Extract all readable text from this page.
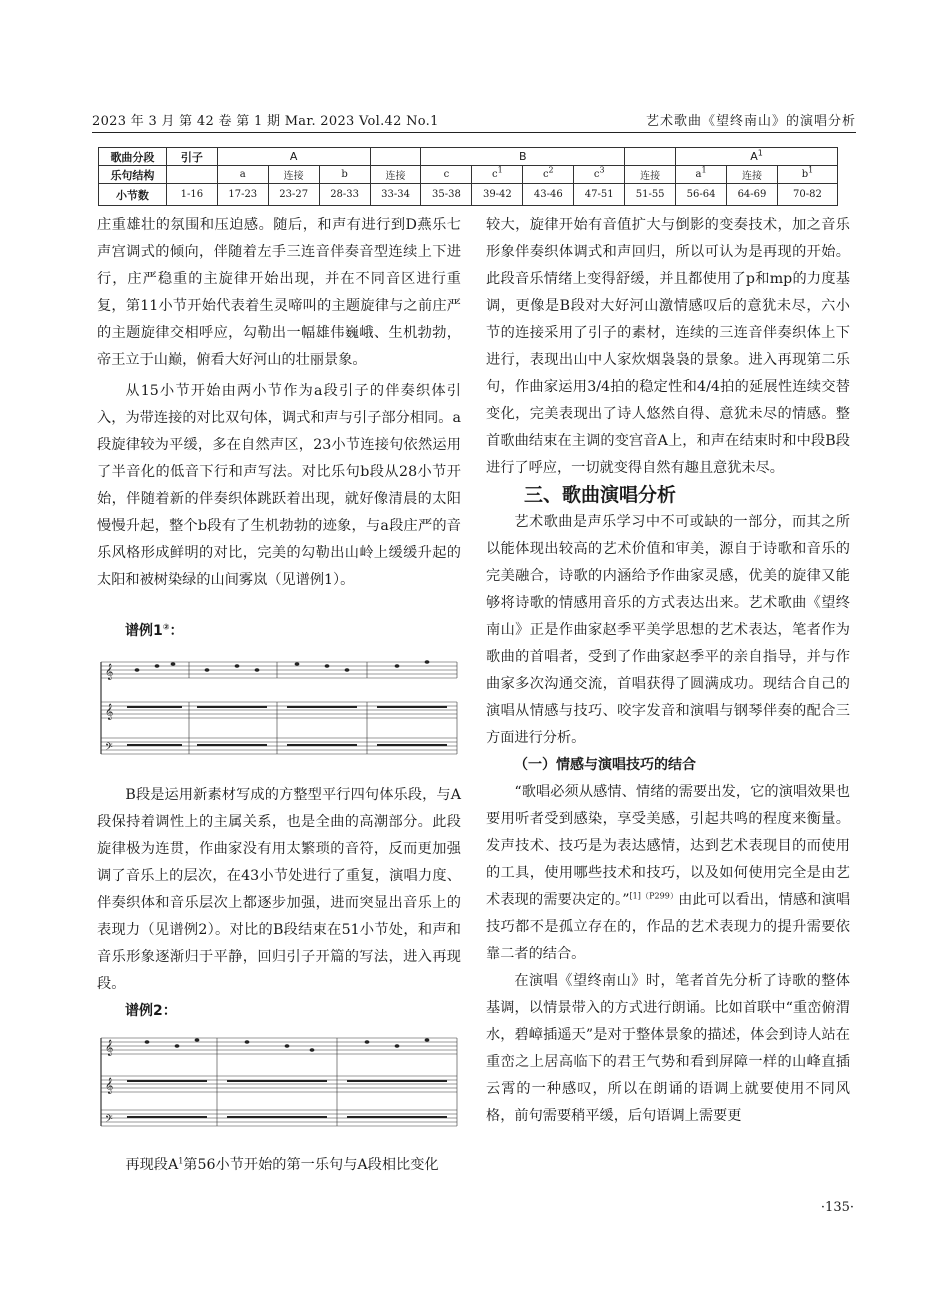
2023 年 3 月 第 42 卷 第 1 期 Mar. 2023 Vol.42 No.1	艺术歌曲《望终南山》的演唱分析
歌曲分段	引子	A				B					$A^1$
乐句结构		a	连接	b	连接	c	$c^1$	$c^2$	$c^3$	连接	$a^1$	连接	$b^1$
小节数	1-16	17-23	23-27	28-33	33-34	35-38	39-42	43-46	47-51	51-55	56-64	64-69	70-82

庄重雄壮的氛围和压迫感。随后，和声有进行到D燕乐七声宫调式的倾向，伴随着左手三连音伴奏音型连续上下进行，庄严稳重的主旋律开始出现，并在不同音区进行重复，第11小节开始代表着生灵啼叫的主题旋律与之前庄严的主题旋律交相呼应，勾勒出一幅雄伟巍峨、生机勃勃，帝王立于山巅，俯看大好河山的壮丽景象。

从15小节开始由两小节作为a段引子的伴奏织体引入，为带连接的对比双句体，调式和声与引子部分相同。a段旋律较为平缓，多在自然声区，23小节连接句依然运用了半音化的低音下行和声写法。对比乐句b段从28小节开始，伴随着新的伴奏织体跳跃着出现，就好像清晨的太阳慢慢升起，整个b段有了生机勃勃的迹象，与a段庄严的音乐风格形成鲜明的对比，完美的勾勒出山岭上缓缓升起的太阳和被树染绿的山间雾岚（见谱例1）。

谱例1②：
𝄞
𝄞
𝄢

B段是运用新素材写成的方整型平行四句体乐段，与A段保持着调性上的主属关系，也是全曲的高潮部分。此段旋律极为连贯，作曲家没有用太繁琐的音符，反而更加强调了音乐上的层次，在43小节处进行了重复，演唱力度、伴奏织体和音乐层次上都逐步加强，进而突显出音乐上的表现力（见谱例2）。对比的B段结束在51小节处，和声和音乐形象逐渐归于平静，回归引子开篇的写法，进入再现段。

谱例2：
𝄞
𝄞
𝄢

再现段$A^1$第56小节开始的第一乐句与A段相比变化

较大，旋律开始有音值扩大与倒影的变奏技术，加之音乐形象伴奏织体调式和声回归，所以可认为是再现的开始。此段音乐情绪上变得舒缓，并且都使用了p和mp的力度基调，更像是B段对大好河山激情感叹后的意犹未尽，六小节的连接采用了引子的素材，连续的三连音伴奏织体上下进行，表现出山中人家炊烟袅袅的景象。进入再现第二乐句，作曲家运用3/4拍的稳定性和4/4拍的延展性连续交替变化，完美表现出了诗人悠然自得、意犹未尽的情感。整首歌曲结束在主调的变宫音A上，和声在结束时和中段B段进行了呼应，一切就变得自然有趣且意犹未尽。

三、歌曲演唱分析

艺术歌曲是声乐学习中不可或缺的一部分，而其之所以能体现出较高的艺术价值和审美，源自于诗歌和音乐的完美融合，诗歌的内涵给予作曲家灵感，优美的旋律又能够将诗歌的情感用音乐的方式表达出来。艺术歌曲《望终南山》正是作曲家赵季平美学思想的艺术表达，笔者作为歌曲的首唱者，受到了作曲家赵季平的亲自指导，并与作曲家多次沟通交流，首唱获得了圆满成功。现结合自己的演唱从情感与技巧、咬字发音和演唱与钢琴伴奏的配合三方面进行分析。

（一）情感与演唱技巧的结合

“歌唱必须从感情、情绪的需要出发，它的演唱效果也要用听者受到感染，享受美感，引起共鸣的程度来衡量。发声技术、技巧是为表达感情，达到艺术表现目的而使用的工具，使用哪些技术和技巧，以及如何使用完全是由艺术表现的需要决定的。”$^{[1](P299)}$由此可以看出，情感和演唱技巧都不是孤立存在的，作品的艺术表现力的提升需要依靠二者的结合。

在演唱《望终南山》时，笔者首先分析了诗歌的整体基调，以情景带入的方式进行朗诵。比如首联中“重峦俯渭水，碧嶂插遥天”是对于整体景象的描述，体会到诗人站在重峦之上居高临下的君王气势和看到屏障一样的山峰直插云霄的一种感叹，所以在朗诵的语调上就要使用不同风格，前句需要稍平缓，后句语调上需要更

·135·
